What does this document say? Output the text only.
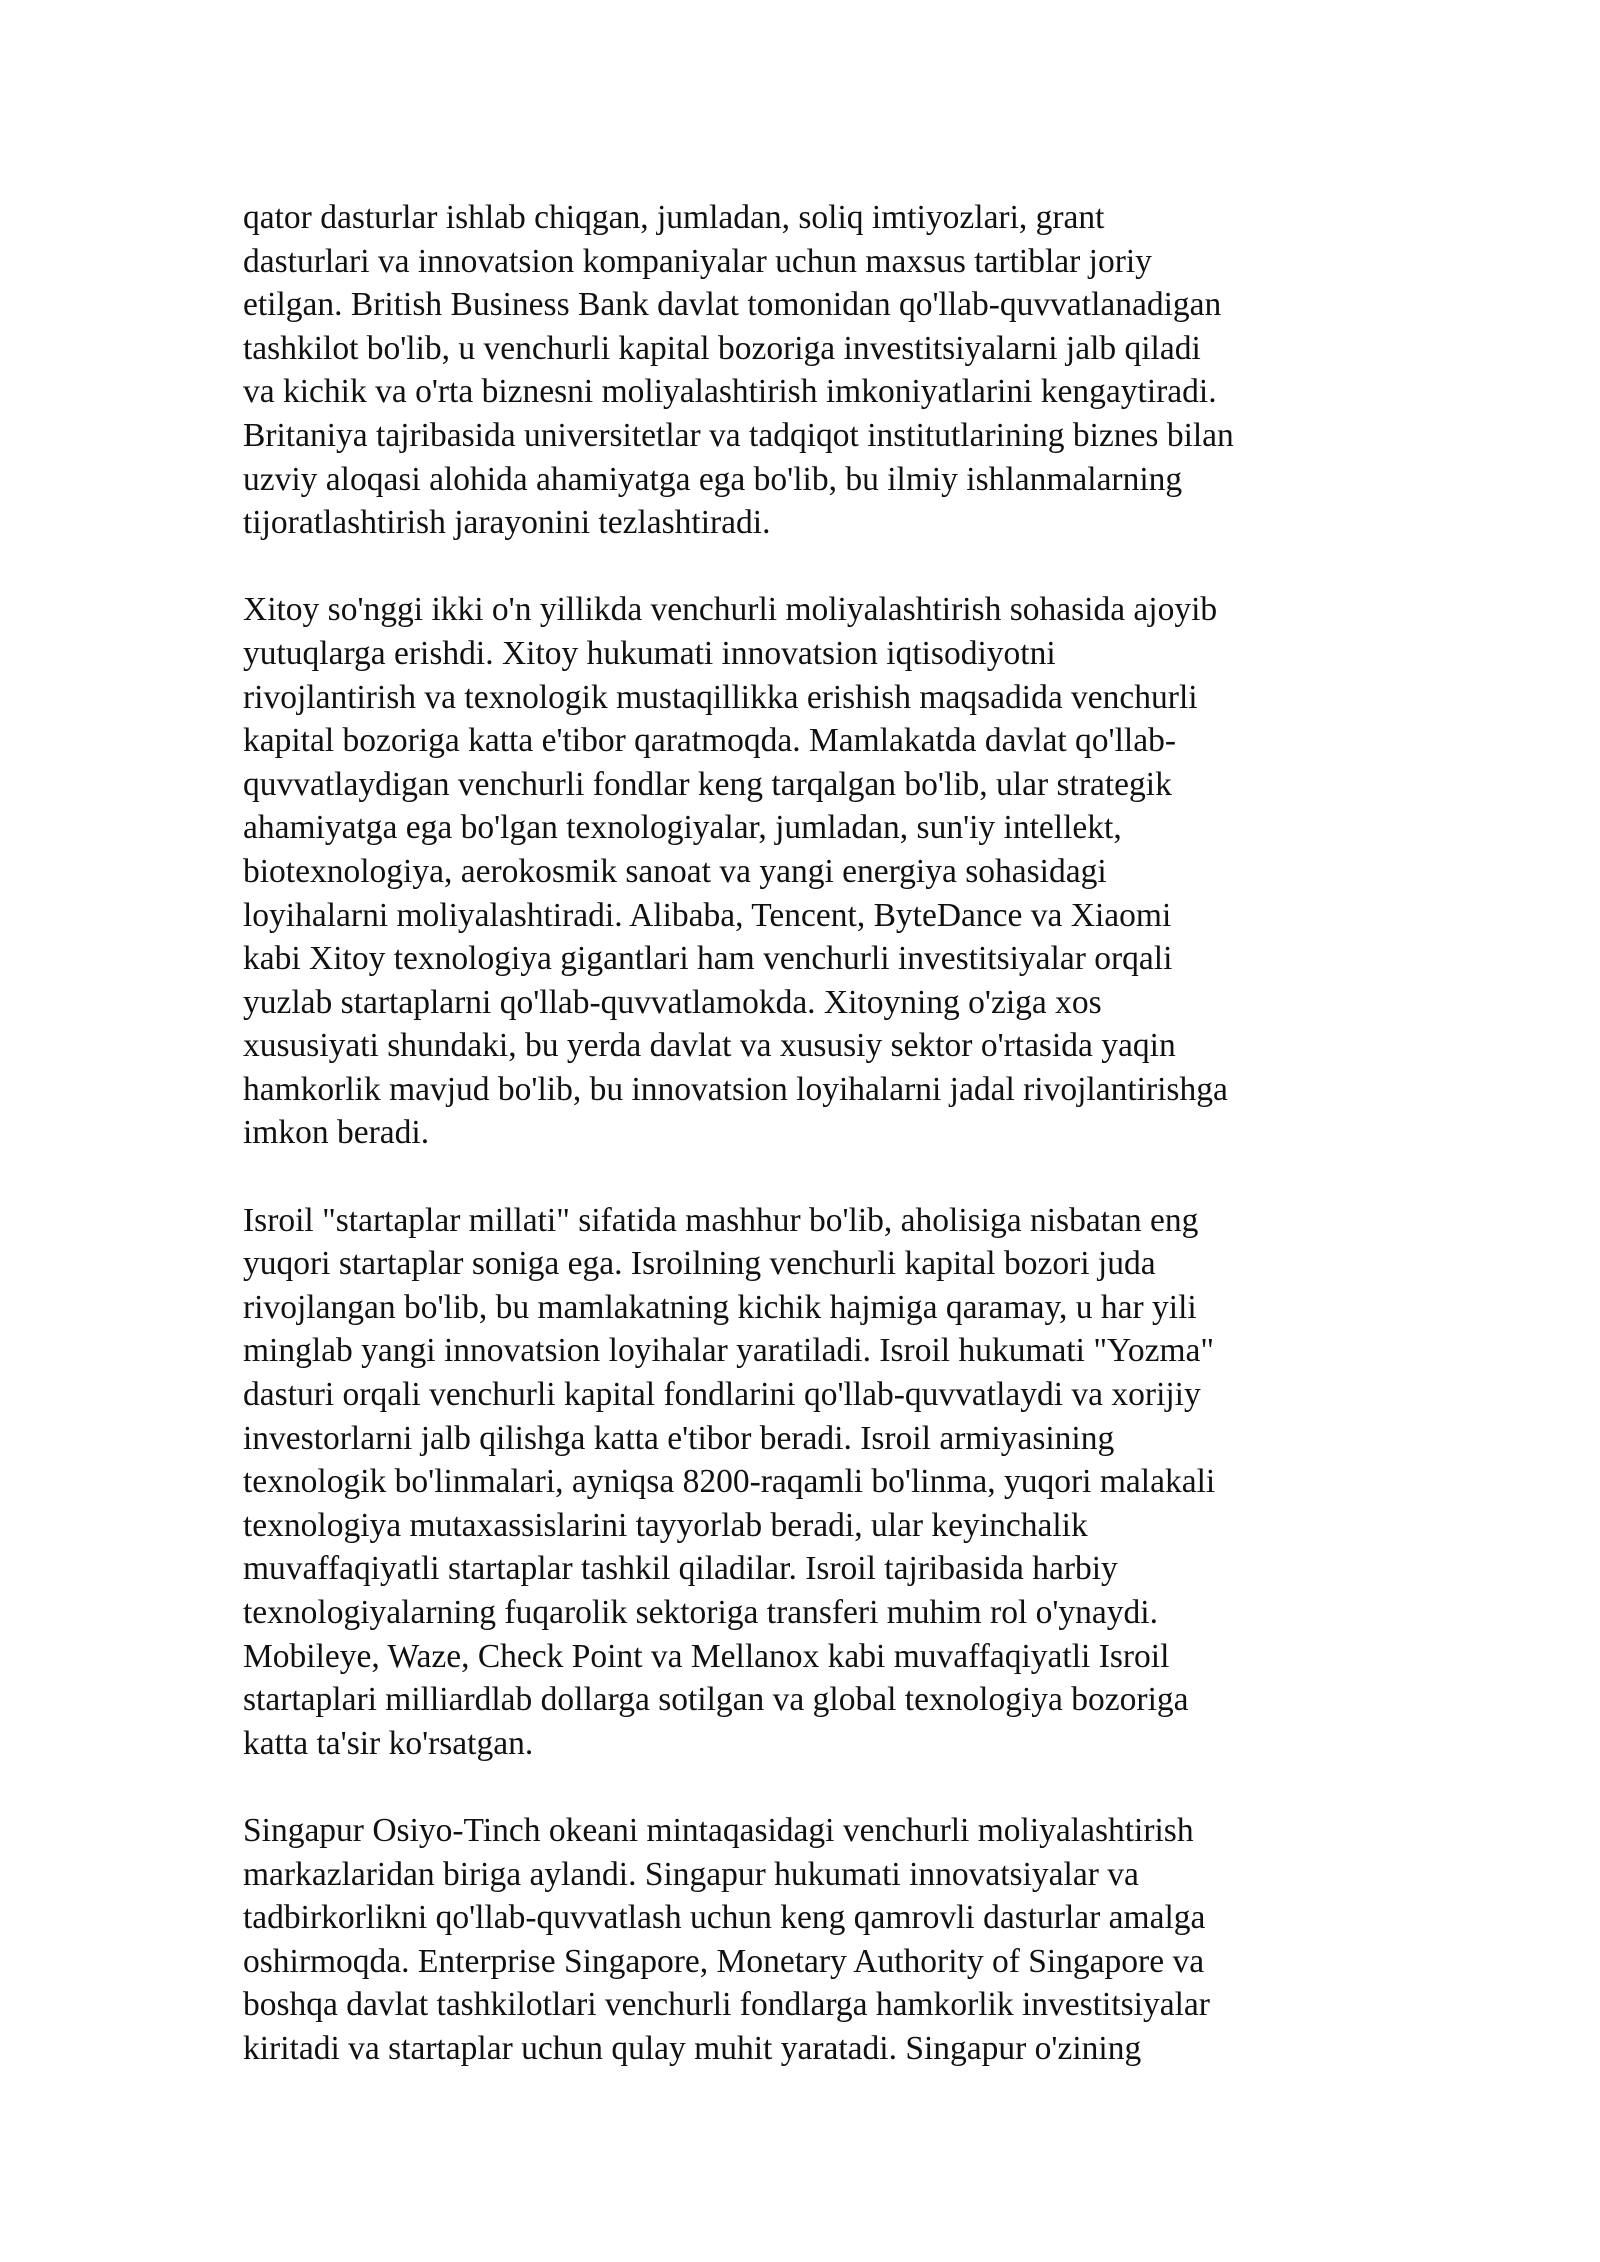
qator dasturlar ishlab chiqgan, jumladan, soliq imtiyozlari, grant
dasturlari va innovatsion kompaniyalar uchun maxsus tartiblar joriy
etilgan. British Business Bank davlat tomonidan qo'llab-quvvatlanadigan
tashkilot bo'lib, u venchurli kapital bozoriga investitsiyalarni jalb qiladi
va kichik va o'rta biznesni moliyalashtirish imkoniyatlarini kengaytiradi.
Britaniya tajribasida universitetlar va tadqiqot institutlarining biznes bilan
uzviy aloqasi alohida ahamiyatga ega bo'lib, bu ilmiy ishlanmalarning
tijoratlashtirish jarayonini tezlashtiradi.
Xitoy so'nggi ikki o'n yillikda venchurli moliyalashtirish sohasida ajoyib
yutuqlarga erishdi. Xitoy hukumati innovatsion iqtisodiyotni
rivojlantirish va texnologik mustaqillikka erishish maqsadida venchurli
kapital bozoriga katta e'tibor qaratmoqda. Mamlakatda davlat qo'llab-
quvvatlaydigan venchurli fondlar keng tarqalgan bo'lib, ular strategik
ahamiyatga ega bo'lgan texnologiyalar, jumladan, sun'iy intellekt,
biotexnologiya, aerokosmik sanoat va yangi energiya sohasidagi
loyihalarni moliyalashtiradi. Alibaba, Tencent, ByteDance va Xiaomi
kabi Xitoy texnologiya gigantlari ham venchurli investitsiyalar orqali
yuzlab startaplarni qo'llab-quvvatlamokda. Xitoyning o'ziga xos
xususiyati shundaki, bu yerda davlat va xususiy sektor o'rtasida yaqin
hamkorlik mavjud bo'lib, bu innovatsion loyihalarni jadal rivojlantirishga
imkon beradi.
Isroil "startaplar millati" sifatida mashhur bo'lib, aholisiga nisbatan eng
yuqori startaplar soniga ega. Isroilning venchurli kapital bozori juda
rivojlangan bo'lib, bu mamlakatning kichik hajmiga qaramay, u har yili
minglab yangi innovatsion loyihalar yaratiladi. Isroil hukumati "Yozma"
dasturi orqali venchurli kapital fondlarini qo'llab-quvvatlaydi va xorijiy
investorlarni jalb qilishga katta e'tibor beradi. Isroil armiyasining
texnologik bo'linmalari, ayniqsa 8200-raqamli bo'linma, yuqori malakali
texnologiya mutaxassislarini tayyorlab beradi, ular keyinchalik
muvaffaqiyatli startaplar tashkil qiladilar. Isroil tajribasida harbiy
texnologiyalarning fuqarolik sektoriga transferi muhim rol o'ynaydi.
Mobileye, Waze, Check Point va Mellanox kabi muvaffaqiyatli Isroil
startaplari milliardlab dollarga sotilgan va global texnologiya bozoriga
katta ta'sir ko'rsatgan.
Singapur Osiyo-Tinch okeani mintaqasidagi venchurli moliyalashtirish
markazlaridan biriga aylandi. Singapur hukumati innovatsiyalar va
tadbirkorlikni qo'llab-quvvatlash uchun keng qamrovli dasturlar amalga
oshirmoqda. Enterprise Singapore, Monetary Authority of Singapore va
boshqa davlat tashkilotlari venchurli fondlarga hamkorlik investitsiyalar
kiritadi va startaplar uchun qulay muhit yaratadi. Singapur o'zining
